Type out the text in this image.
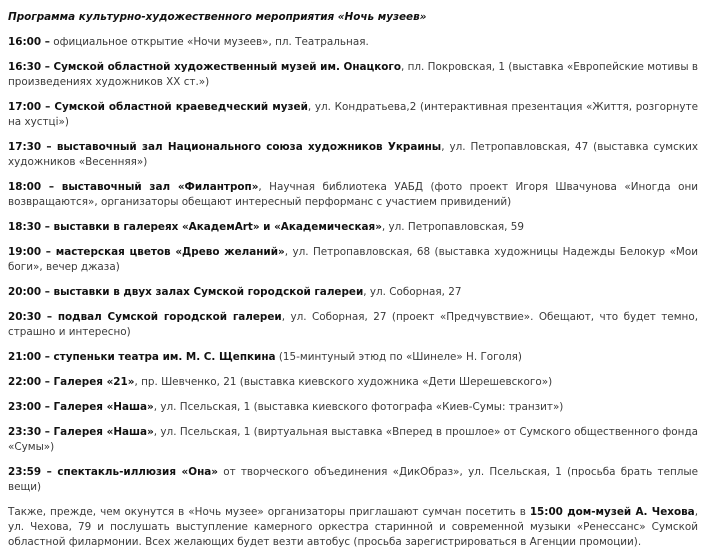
Программа культурно-художественного мероприятия «Ночь музеев»

16:00 – официальное открытие «Ночи музеев», пл. Театральная.

16:30 – Сумской областной художественный музей им. Онацкого, пл. Покровская, 1 (выставка «Европейские мотивы в произведениях художников ХХ ст.»)

17:00 – Сумской областной краеведческий музей, ул. Кондратьева,2 (интерактивная презентация «Життя, розгорнуте на хустці»)

17:30 – выставочный зал Национального союза художников Украины, ул. Петропавловская, 47 (выставка сумских художников «Весенняя»)

18:00 – выставочный зал «Филантроп», Научная библиотека УАБД (фото проект Игоря Швачунова «Иногда они возвращаются», организаторы обещают интересный перформанс с участием привидений)

18:30 – выставки в галереях «АкадемArt» и «Академическая», ул. Петропавловская, 59

19:00 – мастерская цветов «Древо желаний», ул. Петропавловская, 68 (выставка художницы Надежды Белокур «Мои боги», вечер джаза)

20:00 – выставки в двух залах Сумской городской галереи, ул. Соборная, 27

20:30 – подвал Сумской городской галереи, ул. Соборная, 27 (проект «Предчувствие». Обещают, что будет темно, страшно и интересно)

21:00 – ступеньки театра им. М. С. Щепкина (15-минтуный этюд по «Шинеле» Н. Гоголя)

22:00 – Галерея «21», пр. Шевченко, 21 (выставка киевского художника «Дети Шерешевского»)

23:00 – Галерея «Наша», ул. Псельская, 1 (выставка киевского фотографа «Киев-Сумы: транзит»)

23:30 – Галерея «Наша», ул. Псельская, 1 (виртуальная выставка «Вперед в прошлое» от Сумского общественного фонда «Сумы»)

23:59 – спектакль-иллюзия «Она» от творческого объединения «ДикОбраз», ул. Псельская, 1 (просьба брать теплые вещи)

Также, прежде, чем окунутся в «Ночь музее» организаторы приглашают сумчан посетить в 15:00 дом-музей А. Чехова, ул. Чехова, 79 и послушать выступление камерного оркестра старинной и современной музыки «Ренессанс» Сумской областной филармонии. Всех желающих будет везти автобус (просьба зарегистрироваться в Агенции промоции).
